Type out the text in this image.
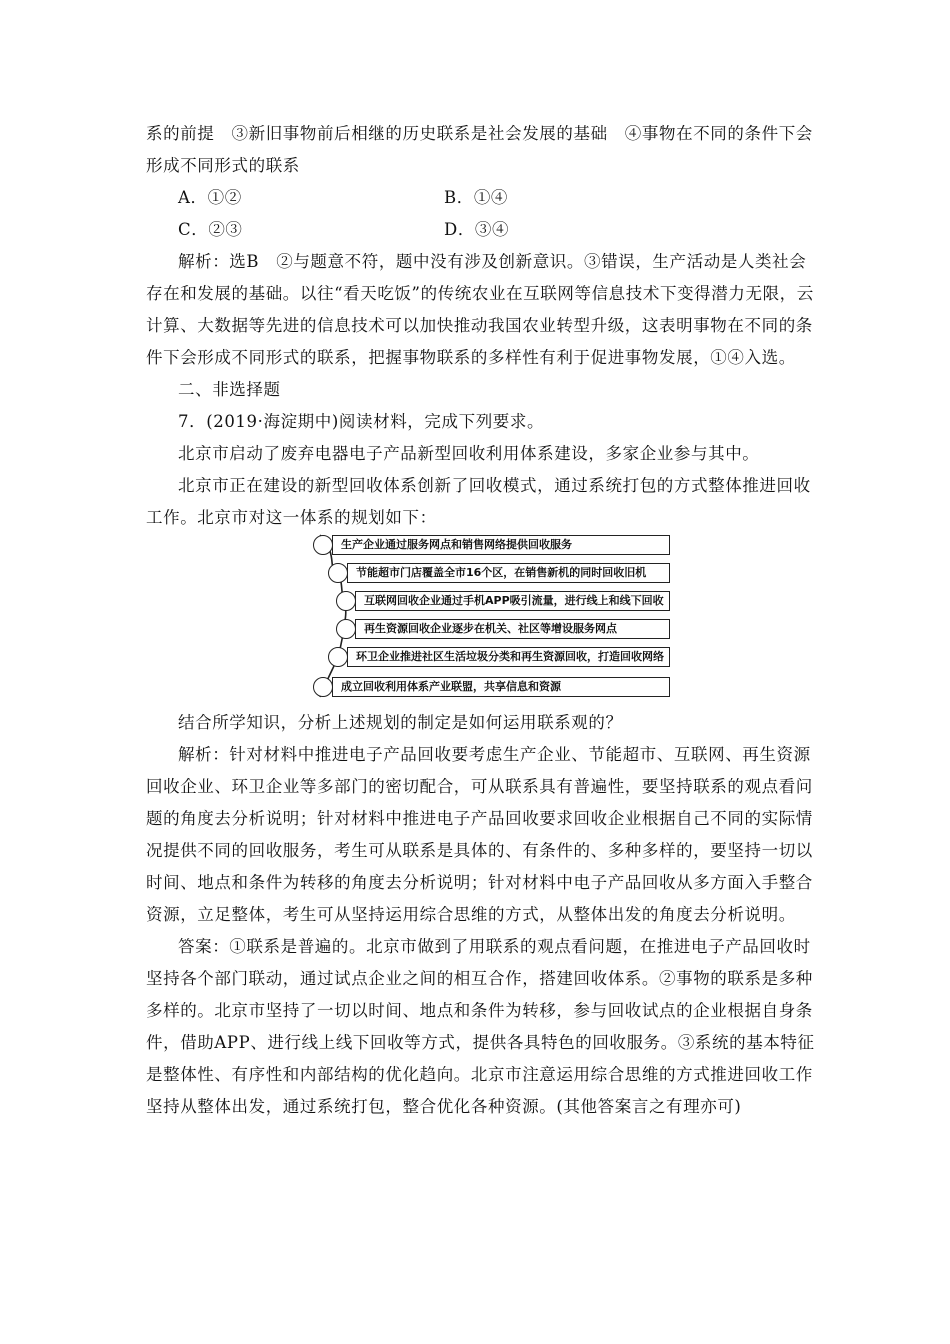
系的前提　③新旧事物前后相继的历史联系是社会发展的基础　④事物在不同的条件下会
形成不同形式的联系
A．①②	B．①④
C．②③	D．③④
解析：选B　②与题意不符，题中没有涉及创新意识。③错误，生产活动是人类社会
存在和发展的基础。以往“看天吃饭”的传统农业在互联网等信息技术下变得潜力无限，云
计算、大数据等先进的信息技术可以加快推动我国农业转型升级，这表明事物在不同的条
件下会形成不同形式的联系，把握事物联系的多样性有利于促进事物发展，①④入选。
二、非选择题
7．(2019·海淀期中)阅读材料，完成下列要求。
北京市启动了废弃电器电子产品新型回收利用体系建设，多家企业参与其中。
北京市正在建设的新型回收体系创新了回收模式，通过系统打包的方式整体推进回收
工作。北京市对这一体系的规划如下：
生产企业通过服务网点和销售网络提供回收服务
节能超市门店覆盖全市16个区，在销售新机的同时回收旧机
互联网回收企业通过手机APP吸引流量，进行线上和线下回收
再生资源回收企业逐步在机关、社区等增设服务网点
环卫企业推进社区生活垃圾分类和再生资源回收，打造回收网络
成立回收利用体系产业联盟，共享信息和资源
结合所学知识，分析上述规划的制定是如何运用联系观的？
解析：针对材料中推进电子产品回收要考虑生产企业、节能超市、互联网、再生资源
回收企业、环卫企业等多部门的密切配合，可从联系具有普遍性，要坚持联系的观点看问
题的角度去分析说明；针对材料中推进电子产品回收要求回收企业根据自己不同的实际情
况提供不同的回收服务，考生可从联系是具体的、有条件的、多种多样的，要坚持一切以
时间、地点和条件为转移的角度去分析说明；针对材料中电子产品回收从多方面入手整合
资源，立足整体，考生可从坚持运用综合思维的方式，从整体出发的角度去分析说明。
答案：①联系是普遍的。北京市做到了用联系的观点看问题，在推进电子产品回收时
坚持各个部门联动，通过试点企业之间的相互合作，搭建回收体系。②事物的联系是多种
多样的。北京市坚持了一切以时间、地点和条件为转移，参与回收试点的企业根据自身条
件，借助APP、进行线上线下回收等方式，提供各具特色的回收服务。③系统的基本特征
是整体性、有序性和内部结构的优化趋向。北京市注意运用综合思维的方式推进回收工作
坚持从整体出发，通过系统打包，整合优化各种资源。(其他答案言之有理亦可)
